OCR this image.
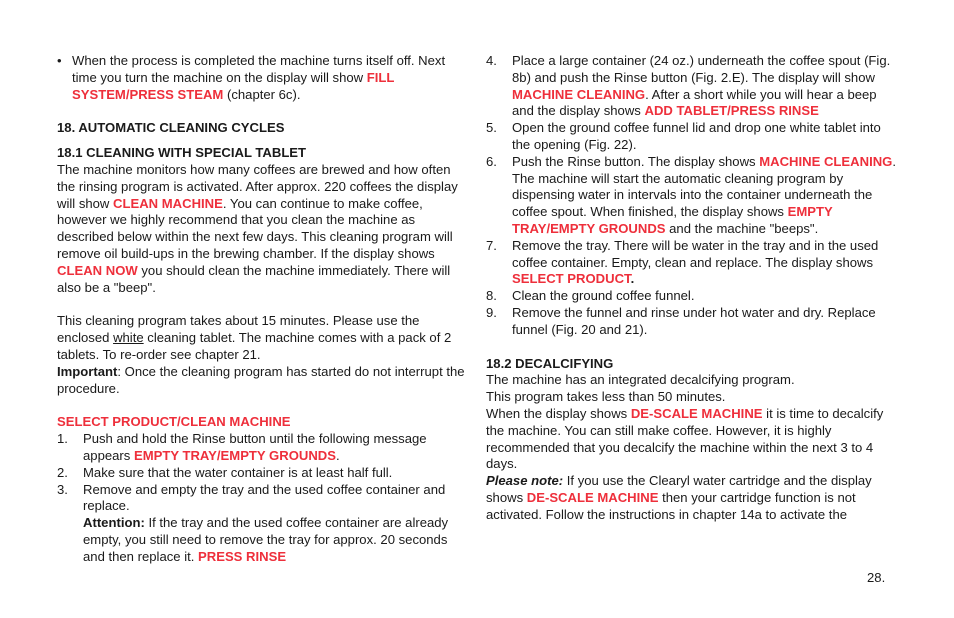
• When the process is completed the machine turns itself off. Next time you turn the machine on the display will show FILL SYSTEM/PRESS STEAM (chapter 6c).

18. AUTOMATIC CLEANING CYCLES

18.1 CLEANING WITH SPECIAL TABLET

The machine monitors how many coffees are brewed and how often the rinsing program is activated. After approx. 220 coffees the display will show CLEAN MACHINE. You can continue to make coffee, however we highly recommend that you clean the machine as described below within the next few days. This cleaning program will remove oil build-ups in the brewing chamber. If the display shows CLEAN NOW you should clean the machine immediately. There will also be a "beep".

This cleaning program takes about 15 minutes. Please use the enclosed white cleaning tablet. The machine comes with a pack of 2 tablets. To re-order see chapter 21.

Important: Once the cleaning program has started do not interrupt the procedure.

SELECT PRODUCT/CLEAN MACHINE

1.	Push and hold the Rinse button until the following message appears EMPTY TRAY/EMPTY GROUNDS.

2.	Make sure that the water container is at least half full.

3.	Remove and empty the tray and the used coffee container and replace.

Attention: If the tray and the used coffee container are already empty, you still need to remove the tray for approx. 20 seconds and then replace it. PRESS RINSE

4.	Place a large container (24 oz.) underneath the coffee spout (Fig. 8b) and push the Rinse button (Fig. 2.E). The display will show MACHINE CLEANING. After a short while you will hear a beep and the display shows ADD TABLET/PRESS RINSE

5.	Open the ground coffee funnel lid and drop one white tablet into the opening (Fig. 22).

6.	Push the Rinse button. The display shows MACHINE CLEANING. The machine will start the automatic cleaning program by dispensing water in intervals into the container underneath the coffee spout. When finished, the display shows EMPTY TRAY/EMPTY GROUNDS and the machine "beeps".

7.	Remove the tray. There will be water in the tray and in the used coffee container. Empty, clean and replace. The display shows SELECT PRODUCT.

8.	Clean the ground coffee funnel.

9.	Remove the funnel and rinse under hot water and dry. Replace funnel (Fig. 20 and 21).

18.2 DECALCIFYING

The machine has an integrated decalcifying program.

This program takes less than 50 minutes.

When the display shows DE-SCALE MACHINE it is time to decalcify the machine. You can still make coffee. However, it is highly recommended that you decalcify the machine within the next 3 to 4 days.

Please note: If you use the Clearyl water cartridge and the display shows DE-SCALE MACHINE then your cartridge function is not activated. Follow the instructions in chapter 14a to activate the

28.
